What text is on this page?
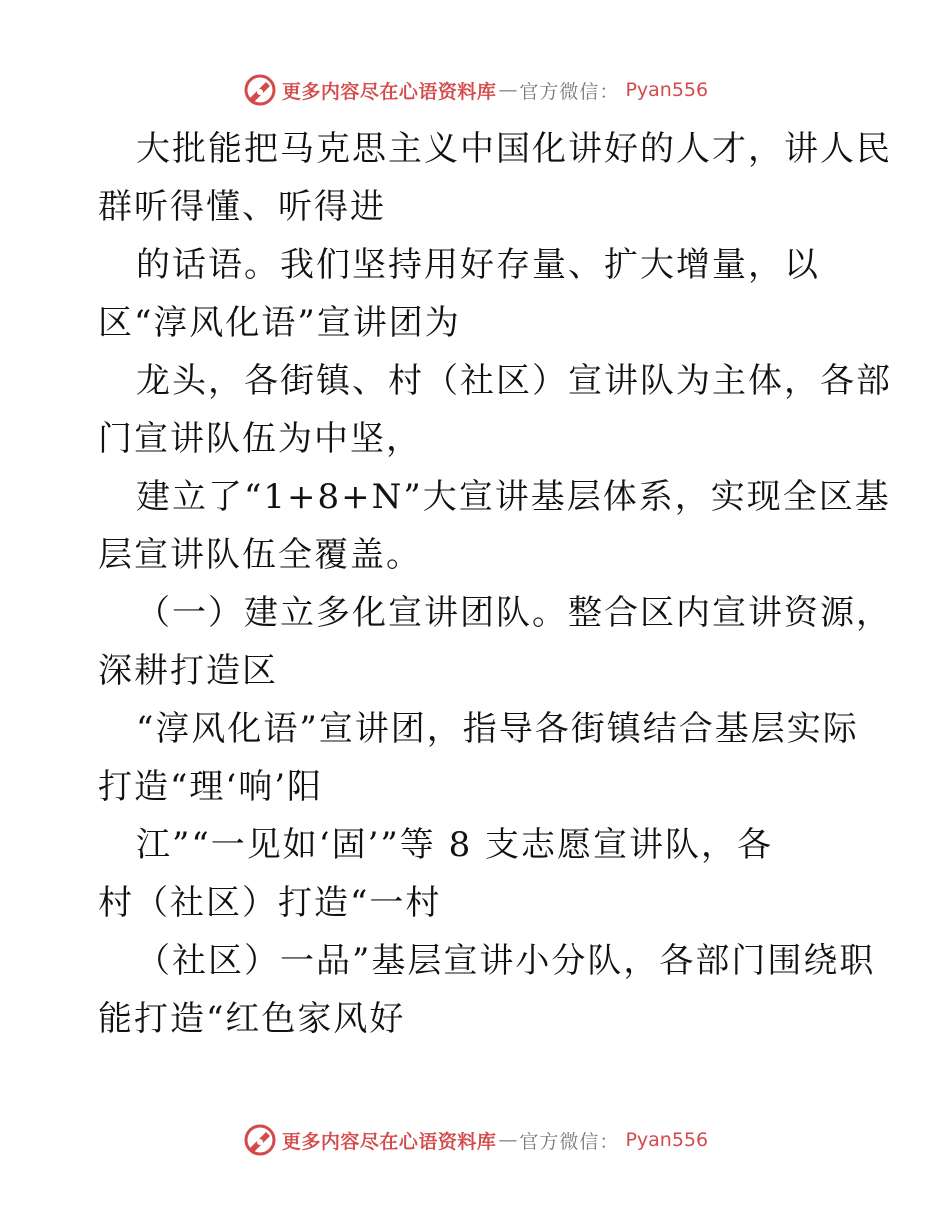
更多内容尽在心语资料库 — 官方微信： Pyan556
大批能把马克思主义中国化讲好的人才，讲人民
群听得懂、听得进
的话语。我们坚持用好存量、扩大增量，以
区“淳风化语”宣讲团为
龙头，各街镇、村（社区）宣讲队为主体，各部
门宣讲队伍为中坚，
建立了“1+8+N”大宣讲基层体系，实现全区基
层宣讲队伍全覆盖。
（一）建立多化宣讲团队。整合区内宣讲资源，
深耕打造区
“淳风化语”宣讲团，指导各街镇结合基层实际
打造“理‘响’阳
江”“一见如‘固’”等 8 支志愿宣讲队，各
村（社区）打造“一村
（社区）一品”基层宣讲小分队，各部门围绕职
能打造“红色家风好
更多内容尽在心语资料库 — 官方微信： Pyan556
